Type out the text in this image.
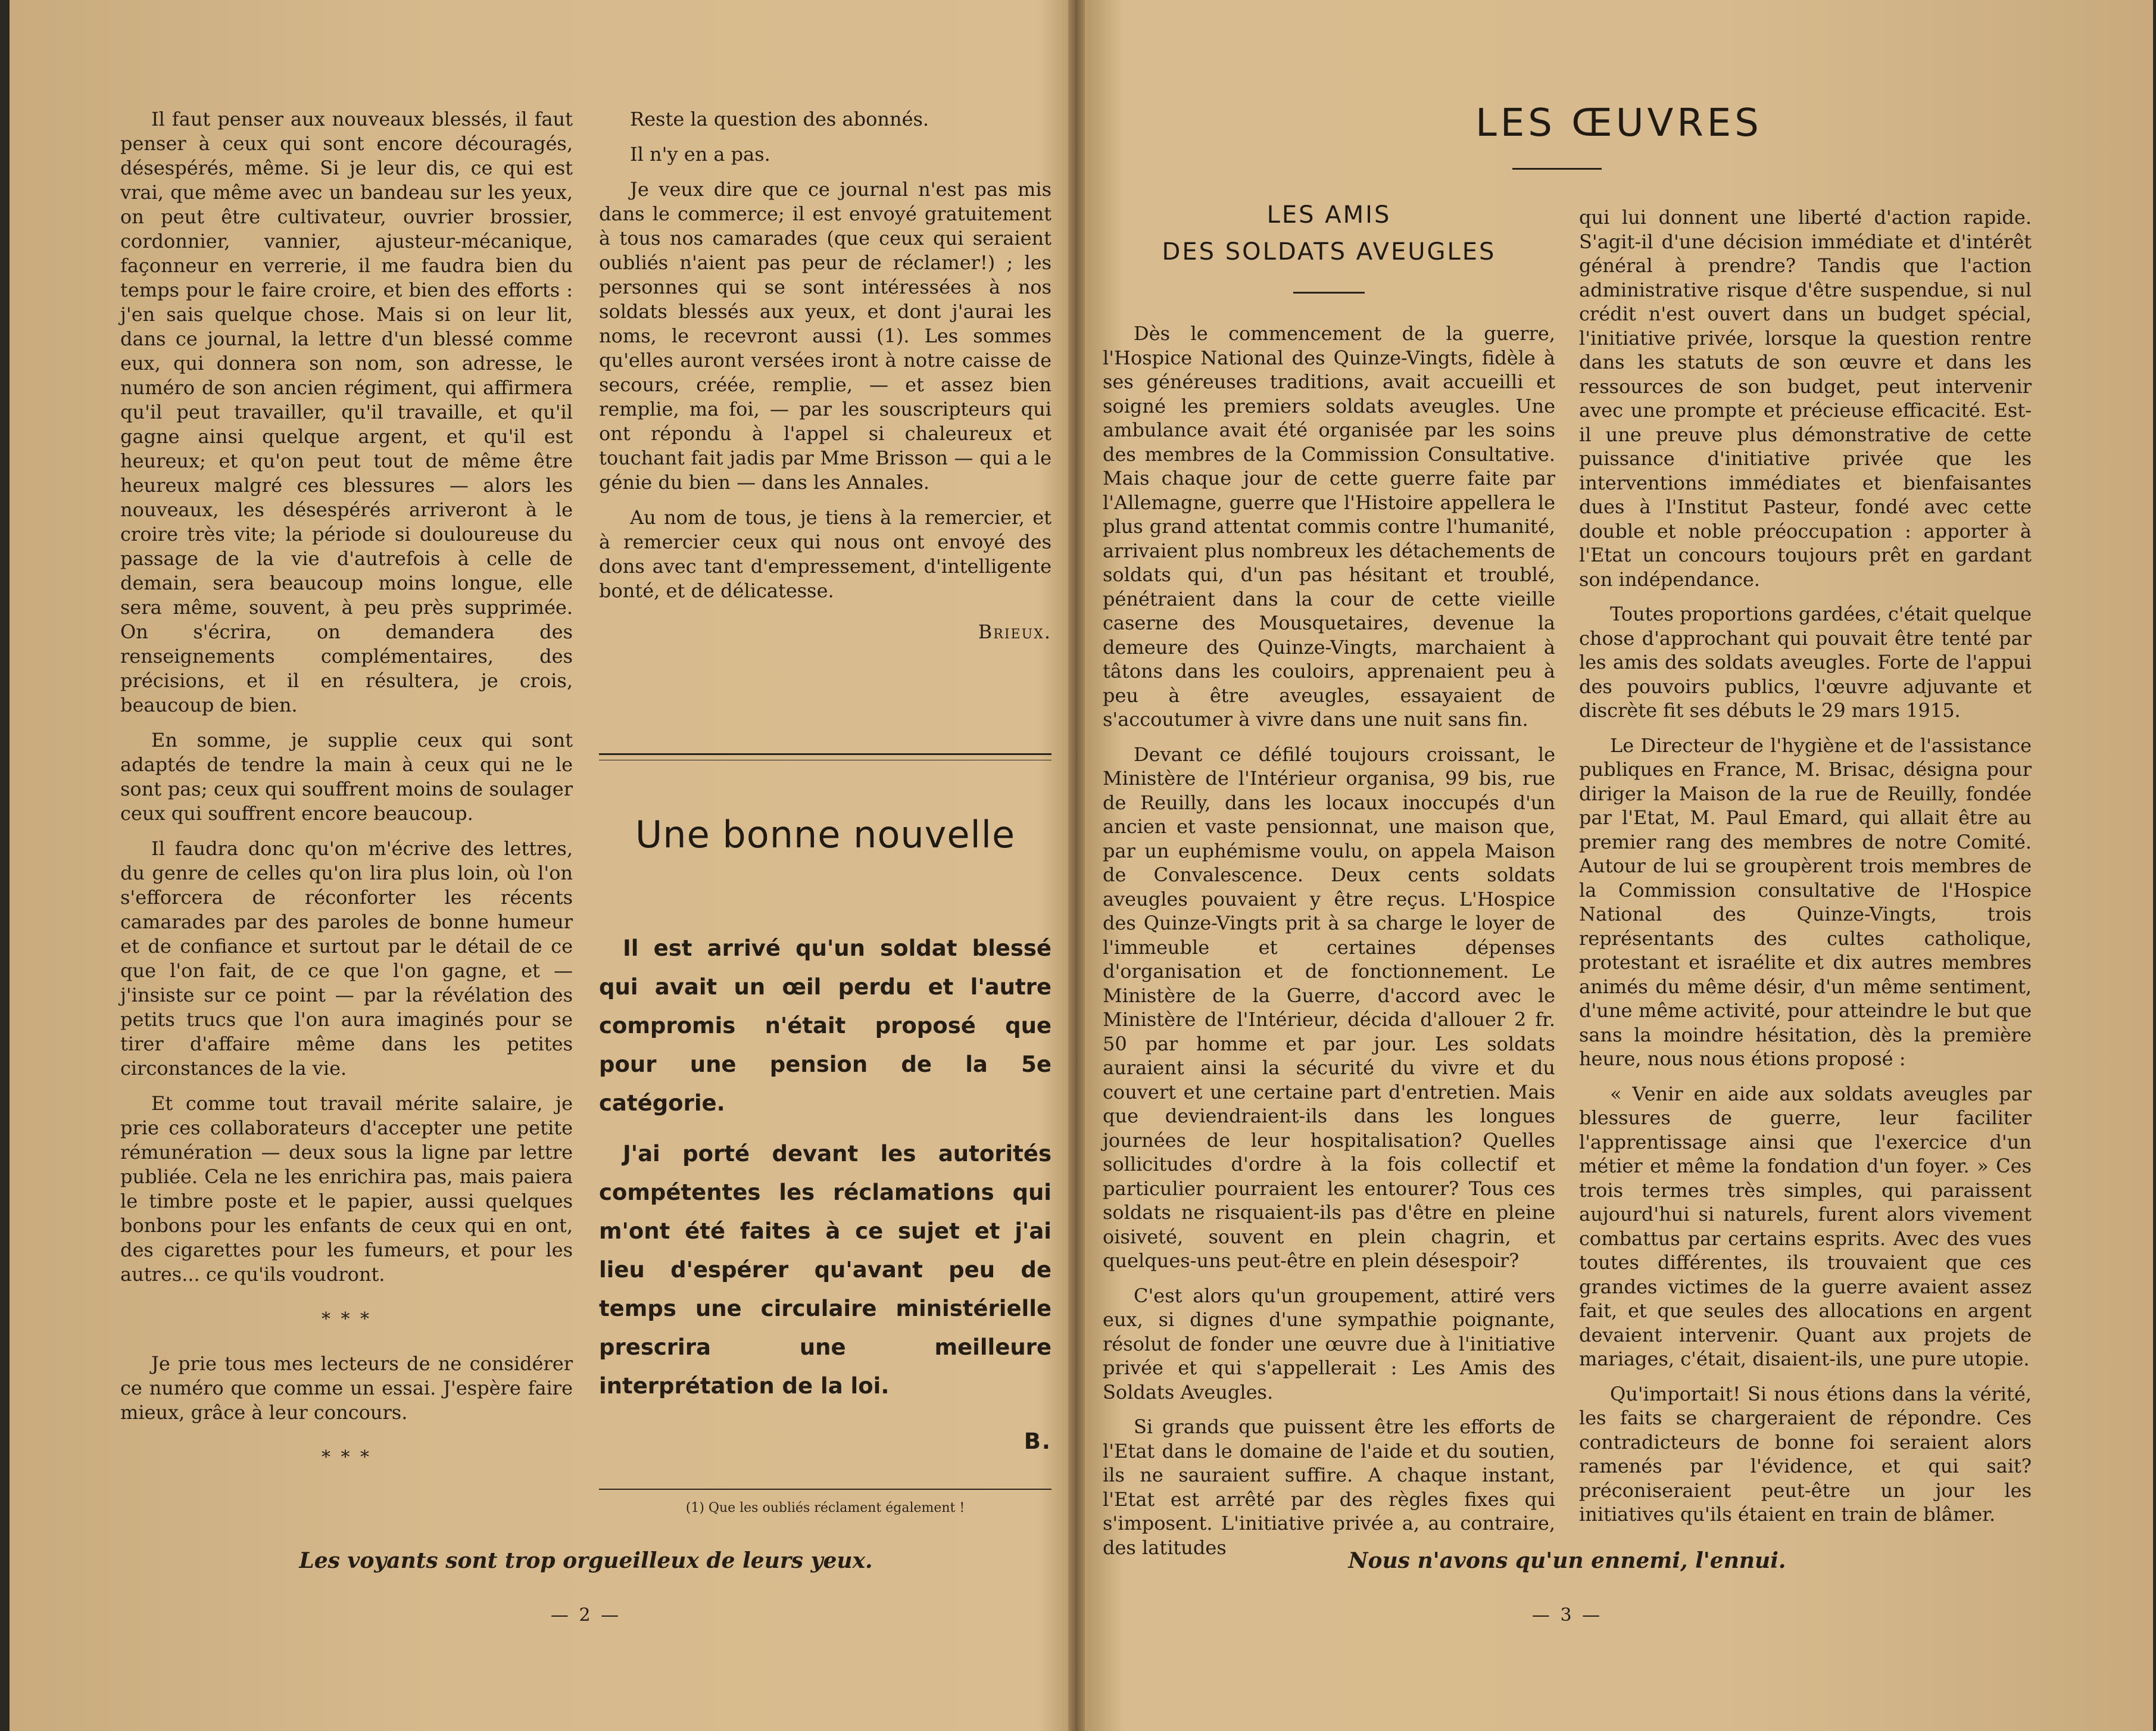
Il faut penser aux nouveaux blessés, il faut penser à ceux qui sont encore découragés, désespérés, même. Si je leur dis, ce qui est vrai, que même avec un bandeau sur les yeux, on peut être cultivateur, ouvrier brossier, cordonnier, vannier, ajusteur-mécanique, façonneur en verrerie, il me faudra bien du temps pour le faire croire, et bien des efforts : j'en sais quelque chose. Mais si on leur lit, dans ce journal, la lettre d'un blessé comme eux, qui donnera son nom, son adresse, le numéro de son ancien régiment, qui affirmera qu'il peut travailler, qu'il travaille, et qu'il gagne ainsi quelque argent, et qu'il est heureux; et qu'on peut tout de même être heureux malgré ces blessures — alors les nouveaux, les désespérés arriveront à le croire très vite; la période si douloureuse du passage de la vie d'autrefois à celle de demain, sera beaucoup moins longue, elle sera même, souvent, à peu près supprimée. On s'écrira, on demandera des renseignements complémentaires, des précisions, et il en résultera, je crois, beaucoup de bien.

En somme, je supplie ceux qui sont adaptés de tendre la main à ceux qui ne le sont pas; ceux qui souffrent moins de soulager ceux qui souffrent encore beaucoup.

Il faudra donc qu'on m'écrive des lettres, du genre de celles qu'on lira plus loin, où l'on s'efforcera de réconforter les récents camarades par des paroles de bonne humeur et de confiance et surtout par le détail de ce que l'on fait, de ce que l'on gagne, et — j'insiste sur ce point — par la révélation des petits trucs que l'on aura imaginés pour se tirer d'affaire même dans les petites circonstances de la vie.

Et comme tout travail mérite salaire, je prie ces collaborateurs d'accepter une petite rémunération — deux sous la ligne par lettre publiée. Cela ne les enrichira pas, mais paiera le timbre poste et le papier, aussi quelques bonbons pour les enfants de ceux qui en ont, des cigarettes pour les fumeurs, et pour les autres... ce qu'ils voudront.

* * *

Je prie tous mes lecteurs de ne considérer ce numéro que comme un essai. J'espère faire mieux, grâce à leur concours.

* * *

Reste la question des abonnés.

Il n'y en a pas.

Je veux dire que ce journal n'est pas mis dans le commerce; il est envoyé gratuitement à tous nos camarades (que ceux qui seraient oubliés n'aient pas peur de réclamer!) ; les personnes qui se sont intéressées à nos soldats blessés aux yeux, et dont j'aurai les noms, le recevront aussi (1). Les sommes qu'elles auront versées iront à notre caisse de secours, créée, remplie, — et assez bien remplie, ma foi, — par les souscripteurs qui ont répondu à l'appel si chaleureux et touchant fait jadis par Mme Brisson — qui a le génie du bien — dans les Annales.

Au nom de tous, je tiens à la remercier, et à remercier ceux qui nous ont envoyé des dons avec tant d'empressement, d'intelligente bonté, et de délicatesse.

Brieux.

Une bonne nouvelle

Il est arrivé qu'un soldat blessé qui avait un œil perdu et l'autre compromis n'était proposé que pour une pension de la 5e catégorie.

J'ai porté devant les autorités compétentes les réclamations qui m'ont été faites à ce sujet et j'ai lieu d'espérer qu'avant peu de temps une circulaire ministérielle prescrira une meilleure interprétation de la loi.

B.

(1) Que les oubliés réclament également !
Les voyants sont trop orgueilleux de leurs yeux.
— 2 —
LES ŒUVRES
LES AMIS
DES SOLDATS AVEUGLES

Dès le commencement de la guerre, l'Hospice National des Quinze-Vingts, fidèle à ses généreuses traditions, avait accueilli et soigné les premiers soldats aveugles. Une ambulance avait été organisée par les soins des membres de la Commission Consultative. Mais chaque jour de cette guerre faite par l'Allemagne, guerre que l'Histoire appellera le plus grand attentat commis contre l'humanité, arrivaient plus nombreux les détachements de soldats qui, d'un pas hésitant et troublé, pénétraient dans la cour de cette vieille caserne des Mousquetaires, devenue la demeure des Quinze-Vingts, marchaient à tâtons dans les couloirs, apprenaient peu à peu à être aveugles, essayaient de s'accoutumer à vivre dans une nuit sans fin.

Devant ce défilé toujours croissant, le Ministère de l'Intérieur organisa, 99 bis, rue de Reuilly, dans les locaux inoccupés d'un ancien et vaste pensionnat, une maison que, par un euphémisme voulu, on appela Maison de Convalescence. Deux cents soldats aveugles pouvaient y être reçus. L'Hospice des Quinze-Vingts prit à sa charge le loyer de l'immeuble et certaines dépenses d'organisation et de fonctionnement. Le Ministère de la Guerre, d'accord avec le Ministère de l'Intérieur, décida d'allouer 2 fr. 50 par homme et par jour. Les soldats auraient ainsi la sécurité du vivre et du couvert et une certaine part d'entretien. Mais que deviendraient-ils dans les longues journées de leur hospitalisation? Quelles sollicitudes d'ordre à la fois collectif et particulier pourraient les entourer? Tous ces soldats ne risquaient-ils pas d'être en pleine oisiveté, souvent en plein chagrin, et quelques-uns peut-être en plein désespoir?

C'est alors qu'un groupement, attiré vers eux, si dignes d'une sympathie poignante, résolut de fonder une œuvre due à l'initiative privée et qui s'appellerait : Les Amis des Soldats Aveugles.

Si grands que puissent être les efforts de l'Etat dans le domaine de l'aide et du soutien, ils ne sauraient suffire. A chaque instant, l'Etat est arrêté par des règles fixes qui s'imposent. L'initiative privée a, au contraire, des latitudes

qui lui donnent une liberté d'action rapide. S'agit-il d'une décision immédiate et d'intérêt général à prendre? Tandis que l'action administrative risque d'être suspendue, si nul crédit n'est ouvert dans un budget spécial, l'initiative privée, lorsque la question rentre dans les statuts de son œuvre et dans les ressources de son budget, peut intervenir avec une prompte et précieuse efficacité. Est-il une preuve plus démonstrative de cette puissance d'initiative privée que les interventions immédiates et bienfaisantes dues à l'Institut Pasteur, fondé avec cette double et noble préoccupation : apporter à l'Etat un concours toujours prêt en gardant son indépendance.

Toutes proportions gardées, c'était quelque chose d'approchant qui pouvait être tenté par les amis des soldats aveugles. Forte de l'appui des pouvoirs publics, l'œuvre adjuvante et discrète fit ses débuts le 29 mars 1915.

Le Directeur de l'hygiène et de l'assistance publiques en France, M. Brisac, désigna pour diriger la Maison de la rue de Reuilly, fondée par l'Etat, M. Paul Emard, qui allait être au premier rang des membres de notre Comité. Autour de lui se groupèrent trois membres de la Commission consultative de l'Hospice National des Quinze-Vingts, trois représentants des cultes catholique, protestant et israélite et dix autres membres animés du même désir, d'un même sentiment, d'une même activité, pour atteindre le but que sans la moindre hésitation, dès la première heure, nous nous étions proposé :

« Venir en aide aux soldats aveugles par blessures de guerre, leur faciliter l'apprentissage ainsi que l'exercice d'un métier et même la fondation d'un foyer. » Ces trois termes très simples, qui paraissent aujourd'hui si naturels, furent alors vivement combattus par certains esprits. Avec des vues toutes différentes, ils trouvaient que ces grandes victimes de la guerre avaient assez fait, et que seules des allocations en argent devaient intervenir. Quant aux projets de mariages, c'était, disaient-ils, une pure utopie.

Qu'importait! Si nous étions dans la vérité, les faits se chargeraient de répondre. Ces contradicteurs de bonne foi seraient alors ramenés par l'évidence, et qui sait? préconiseraient peut-être un jour les initiatives qu'ils étaient en train de blâmer.

Nous n'avons qu'un ennemi, l'ennui.
— 3 —
